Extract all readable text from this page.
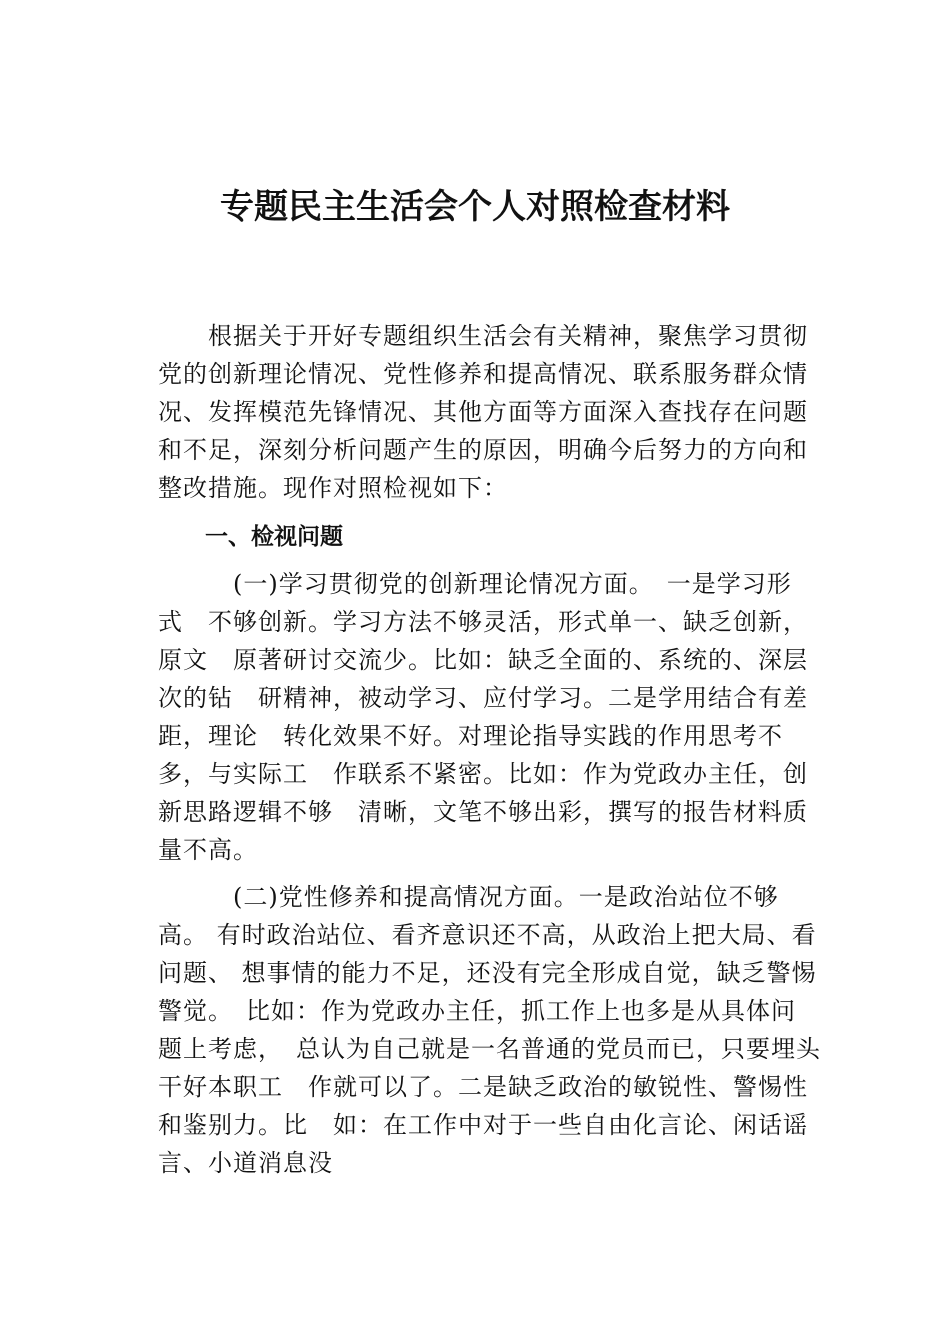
专题民主生活会个人对照检查材料

　　根据关于开好专题组织生活会有关精神，聚焦学习贯彻
党的创新理论情况、党性修养和提高情况、联系服务群众情
况、发挥模范先锋情况、其他方面等方面深入查找存在问题
和不足，深刻分析问题产生的原因，明确今后努力的方向和
整改措施。现作对照检视如下：

一、检视问题

　　　(一)学习贯彻党的创新理论情况方面。　一是学习形
式　不够创新。学习方法不够灵活，形式单一、缺乏创新，
原文　原著研讨交流少。比如：缺乏全面的、系统的、深层
次的钻　研精神，被动学习、应付学习。二是学用结合有差
距，理论　转化效果不好。对理论指导实践的作用思考不
多，与实际工　作联系不紧密。比如：作为党政办主任，创
新思路逻辑不够　清晰，文笔不够出彩，撰写的报告材料质
量不高。

　　　(二)党性修养和提高情况方面。一是政治站位不够
高。 有时政治站位、看齐意识还不高，从政治上把大局、看
问题、 想事情的能力不足，还没有完全形成自觉，缺乏警惕
警觉。　比如：作为党政办主任，抓工作上也多是从具体问
题上考虑，　总认为自己就是一名普通的党员而已，只要埋头
干好本职工　作就可以了。二是缺乏政治的敏锐性、警惕性
和鉴别力。比　如：在工作中对于一些自由化言论、闲话谣
言、小道消息没
